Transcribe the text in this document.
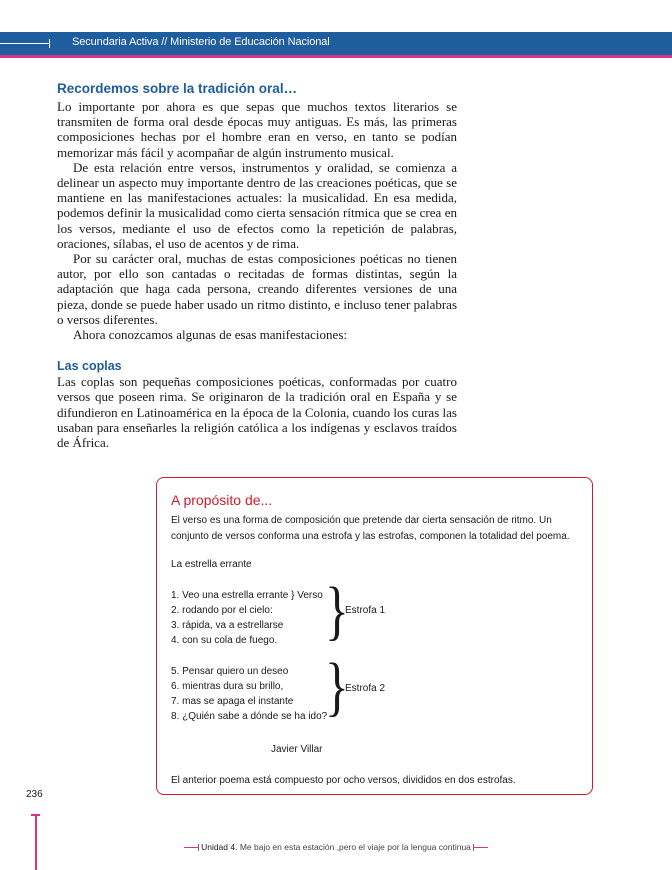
Secundaria Activa // Ministerio de Educación Nacional
Recordemos sobre la tradición oral…

Lo importante por ahora es que sepas que muchos textos literarios se transmiten de forma oral desde épocas muy antiguas. Es más, las primeras composiciones hechas por el hombre eran en verso, en tanto se podían memorizar más fácil y acompañar de algún instrumento musical.

De esta relación entre versos, instrumentos y oralidad, se comienza a delinear un aspecto muy importante dentro de las creaciones poéticas, que se mantiene en las manifestaciones actuales: la musicalidad. En esa medida, podemos definir la musicalidad como cierta sensación rítmica que se crea en los versos, mediante el uso de efectos como la repetición de palabras, oraciones, sílabas, el uso de acentos y de rima.

Por su carácter oral, muchas de estas composiciones poéticas no tienen autor, por ello son cantadas o recitadas de formas distintas, según la adaptación que haga cada persona, creando diferentes versiones de una pieza, donde se puede haber usado un ritmo distinto, e incluso tener palabras o versos diferentes.

Ahora conozcamos algunas de esas manifestaciones:

Las coplas

Las coplas son pequeñas composiciones poéticas, conformadas por cuatro versos que poseen rima. Se originaron de la tradición oral en España y se difundieron en Latinoamérica en la época de la Colonia, cuando los curas las usaban para enseñarles la religión católica a los indígenas y esclavos traídos de África.

A propósito de...
El verso es una forma de composición que pretende dar cierta sensación de ritmo. Un conjunto de versos conforma una estrofa y las estrofas, componen la totalidad del poema.
La estrella errante
1. Veo una estrella errante } Verso
2. rodando por el cielo:
3. rápida, va a estrellarse
4. con su cola de fuego. }
Estrofa 1
5. Pensar quiero un deseo
6. mientras dura su brillo,
7. mas se apaga el instante
8. ¿Quién sabe a dónde se ha ido?
}
Estrofa 2
Javier Villar
El anterior poema está compuesto por ocho versos, divididos en dos estrofas.
236
Unidad 4. Me bajo en esta estación ,pero el viaje por la lengua continua
